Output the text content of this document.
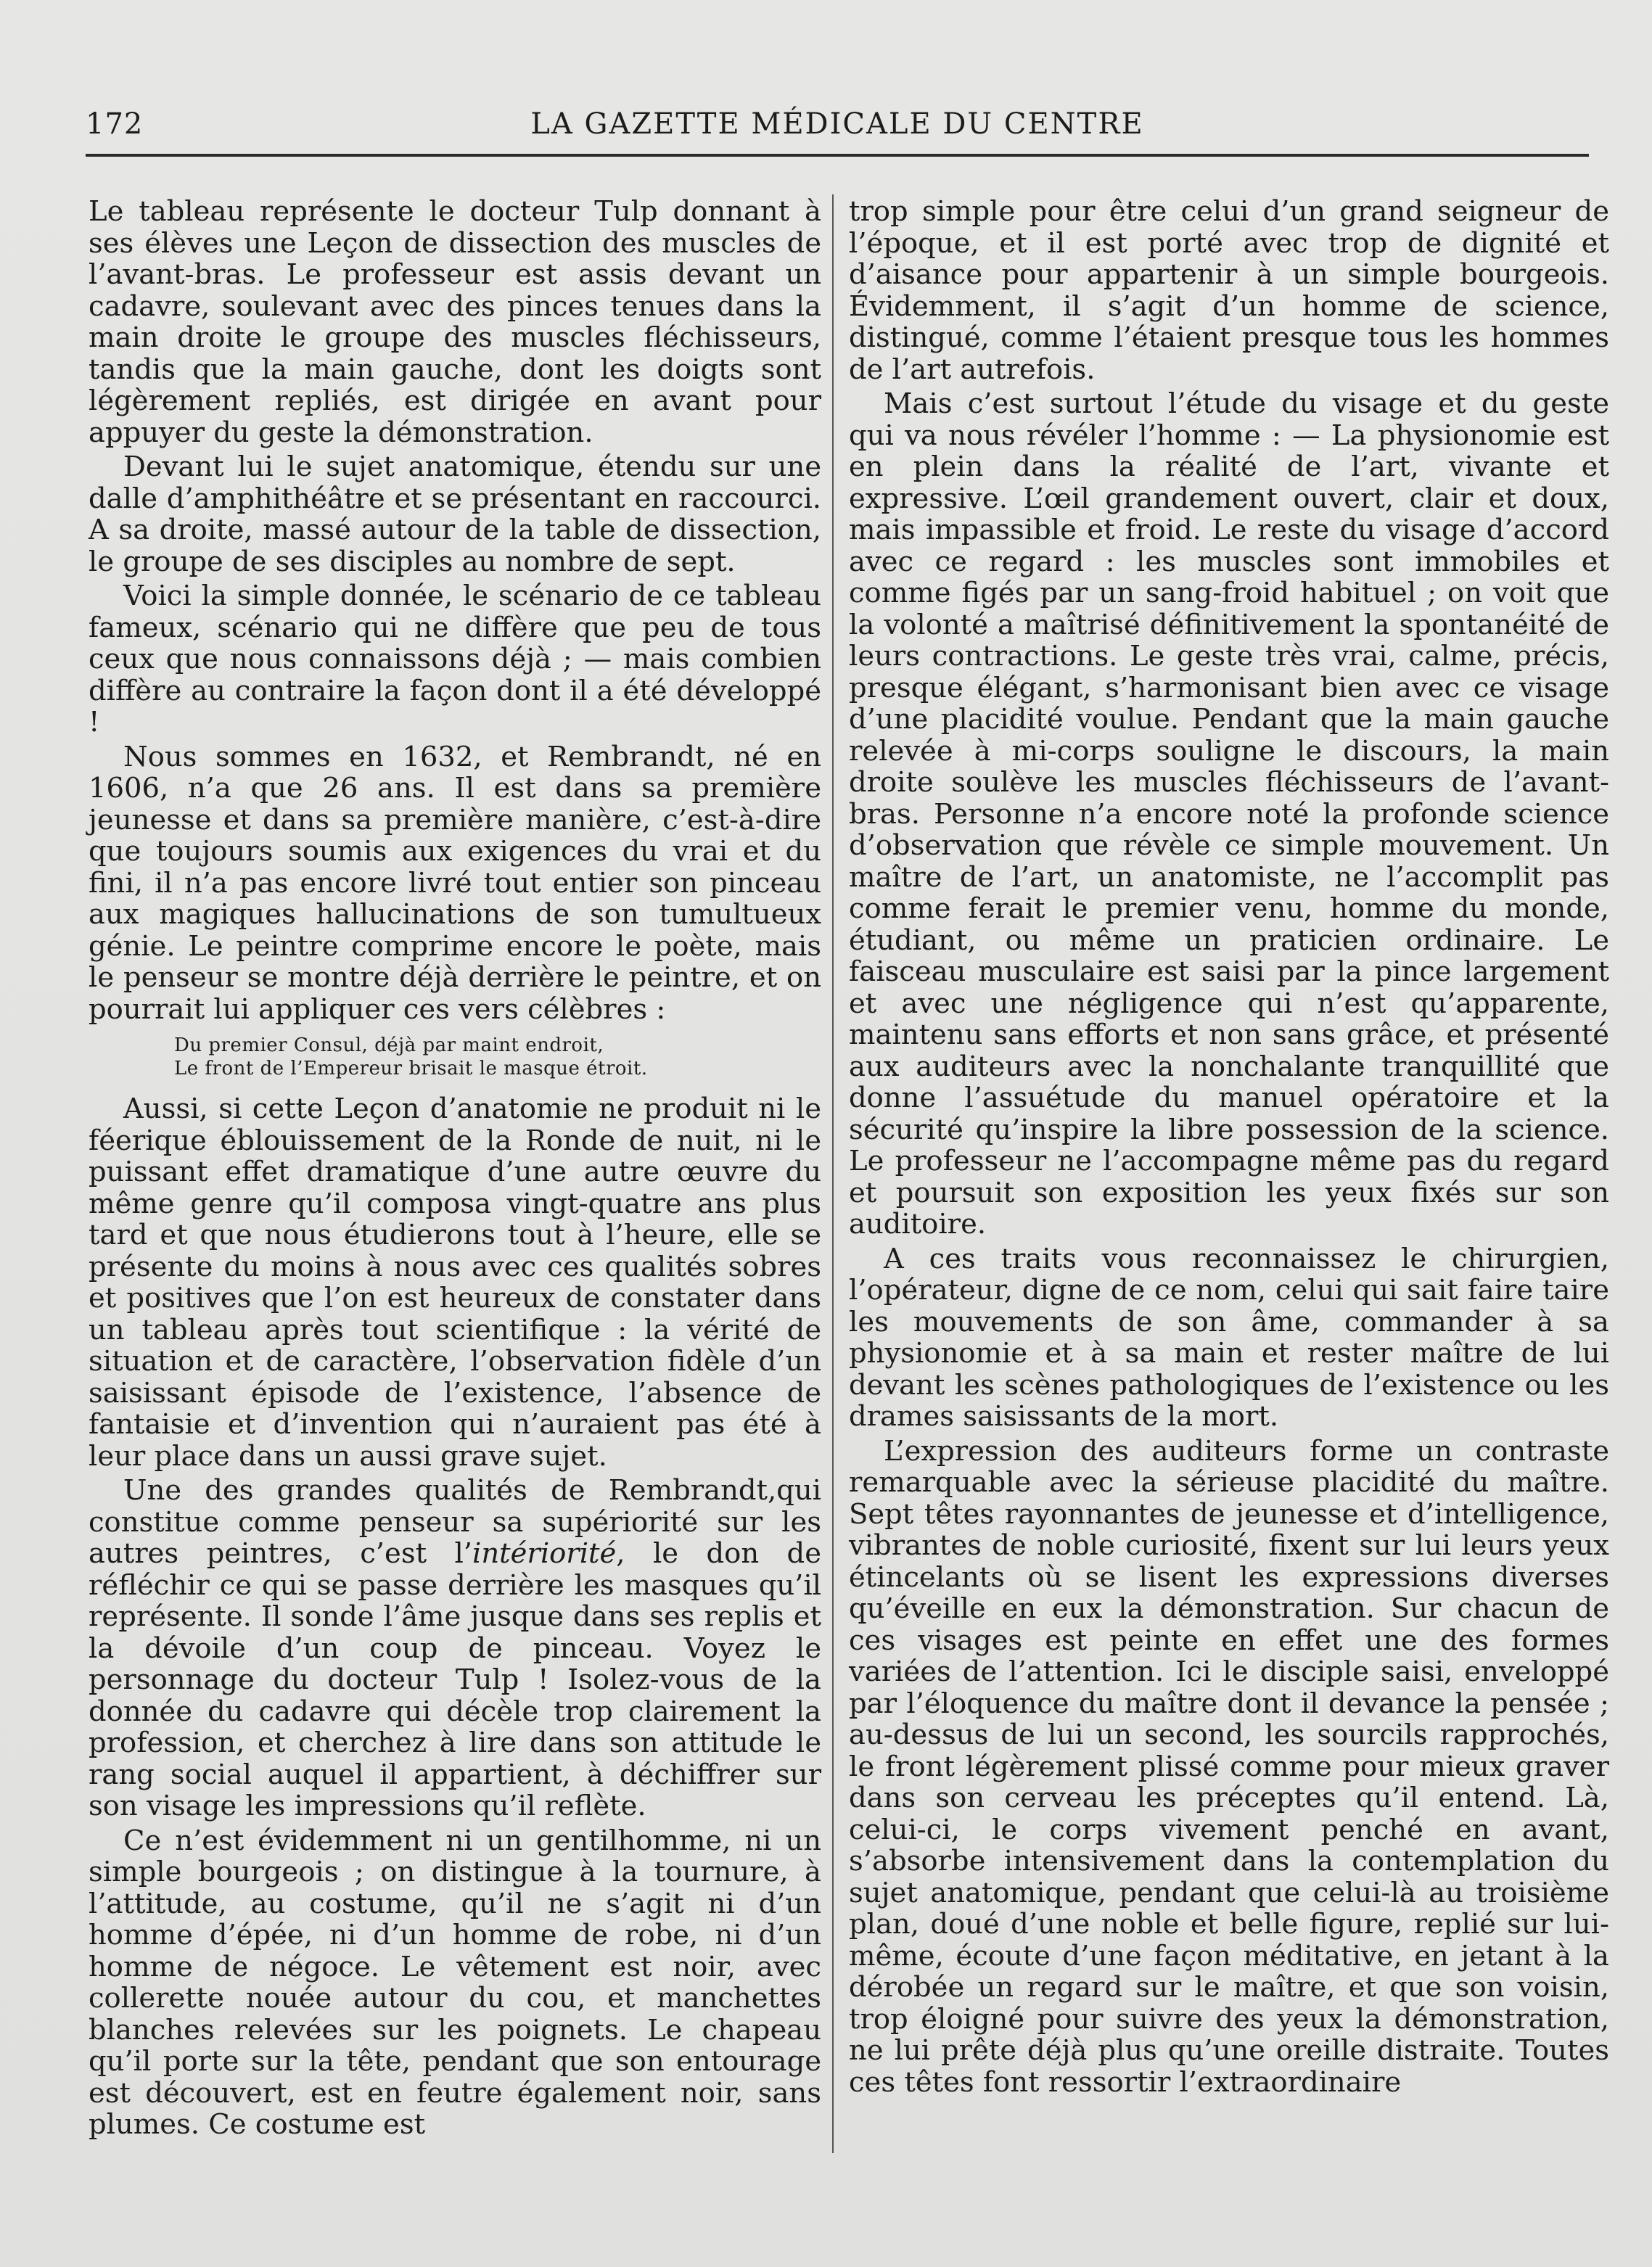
172	LA GAZETTE MÉDICALE DU CENTRE

Le tableau représente le docteur Tulp donnant à ses élèves une Leçon de dissection des muscles de l’avant-bras. Le professeur est assis devant un cadavre, soulevant avec des pinces tenues dans la main droite le groupe des muscles fléchisseurs, tandis que la main gauche, dont les doigts sont légèrement repliés, est dirigée en avant pour appuyer du geste la démonstration.

Devant lui le sujet anatomique, étendu sur une dalle d’amphithéâtre et se présentant en raccourci. A sa droite, massé autour de la table de dissection, le groupe de ses disciples au nombre de sept.

Voici la simple donnée, le scénario de ce tableau fameux, scénario qui ne diffère que peu de tous ceux que nous connaissons déjà ; — mais combien diffère au contraire la façon dont il a été développé !

Nous sommes en 1632, et Rembrandt, né en 1606, n’a que 26 ans. Il est dans sa première jeunesse et dans sa première manière, c’est-à-dire que toujours soumis aux exigences du vrai et du fini, il n’a pas encore livré tout entier son pinceau aux magiques hallucinations de son tumultueux génie. Le peintre comprime encore le poète, mais le penseur se montre déjà derrière le peintre, et on pourrait lui appliquer ces vers célèbres :

Du premier Consul, déjà par maint endroit,
Le front de l’Empereur brisait le masque étroit.

Aussi, si cette Leçon d’anatomie ne produit ni le féerique éblouissement de la Ronde de nuit, ni le puissant effet dramatique d’une autre œuvre du même genre qu’il composa vingt-quatre ans plus tard et que nous étudierons tout à l’heure, elle se présente du moins à nous avec ces qualités sobres et positives que l’on est heureux de constater dans un tableau après tout scientifique : la vérité de situation et de caractère, l’observation fidèle d’un saisissant épisode de l’existence, l’absence de fantaisie et d’invention qui n’auraient pas été à leur place dans un aussi grave sujet.

Une des grandes qualités de Rembrandt,qui constitue comme penseur sa supériorité sur les autres peintres, c’est l’intériorité, le don de réfléchir ce qui se passe derrière les masques qu’il représente. Il sonde l’âme jusque dans ses replis et la dévoile d’un coup de pinceau. Voyez le personnage du docteur Tulp ! Isolez-vous de la donnée du cadavre qui décèle trop clairement la profession, et cherchez à lire dans son attitude le rang social auquel il appartient, à déchiffrer sur son visage les impressions qu’il reflète.

Ce n’est évidemment ni un gentilhomme, ni un simple bourgeois ; on distingue à la tournure, à l’attitude, au costume, qu’il ne s’agit ni d’un homme d’épée, ni d’un homme de robe, ni d’un homme de négoce. Le vêtement est noir, avec collerette nouée autour du cou, et manchettes blanches relevées sur les poignets. Le chapeau qu’il porte sur la tête, pendant que son entourage est découvert, est en feutre également noir, sans plumes. Ce costume est

trop simple pour être celui d’un grand seigneur de l’époque, et il est porté avec trop de dignité et d’aisance pour appartenir à un simple bourgeois. Évidemment, il s’agit d’un homme de science, distingué, comme l’étaient presque tous les hommes de l’art autrefois.

Mais c’est surtout l’étude du visage et du geste qui va nous révéler l’homme : — La physionomie est en plein dans la réalité de l’art, vivante et expressive. L’œil grandement ouvert, clair et doux, mais impassible et froid. Le reste du visage d’accord avec ce regard : les muscles sont immobiles et comme figés par un sang-froid habituel ; on voit que la volonté a maîtrisé définitivement la spontanéité de leurs contractions. Le geste très vrai, calme, précis, presque élégant, s’harmonisant bien avec ce visage d’une placidité voulue. Pendant que la main gauche relevée à mi-corps souligne le discours, la main droite soulève les muscles fléchisseurs de l’avant-bras. Personne n’a encore noté la profonde science d’observation que révèle ce simple mouvement. Un maître de l’art, un anatomiste, ne l’accomplit pas comme ferait le premier venu, homme du monde, étudiant, ou même un praticien ordinaire. Le faisceau musculaire est saisi par la pince largement et avec une négligence qui n’est qu’apparente, maintenu sans efforts et non sans grâce, et présenté aux auditeurs avec la nonchalante tranquillité que donne l’assuétude du manuel opératoire et la sécurité qu’inspire la libre possession de la science. Le professeur ne l’accompagne même pas du regard et poursuit son exposition les yeux fixés sur son auditoire.

A ces traits vous reconnaissez le chirurgien, l’opérateur, digne de ce nom, celui qui sait faire taire les mouvements de son âme, commander à sa physionomie et à sa main et rester maître de lui devant les scènes pathologiques de l’existence ou les drames saisissants de la mort.

L’expression des auditeurs forme un contraste remarquable avec la sérieuse placidité du maître. Sept têtes rayonnantes de jeunesse et d’intelligence, vibrantes de noble curiosité, fixent sur lui leurs yeux étincelants où se lisent les expressions diverses qu’éveille en eux la démonstration. Sur chacun de ces visages est peinte en effet une des formes variées de l’attention. Ici le disciple saisi, enveloppé par l’éloquence du maître dont il devance la pensée ; au-dessus de lui un second, les sourcils rapprochés, le front légèrement plissé comme pour mieux graver dans son cerveau les préceptes qu’il entend. Là, celui-ci, le corps vivement penché en avant, s’absorbe intensivement dans la contemplation du sujet anatomique, pendant que celui-là au troisième plan, doué d’une noble et belle figure, replié sur lui-même, écoute d’une façon méditative, en jetant à la dérobée un regard sur le maître, et que son voisin, trop éloigné pour suivre des yeux la démonstration, ne lui prête déjà plus qu’une oreille distraite. Toutes ces têtes font ressortir l’extraordinaire
